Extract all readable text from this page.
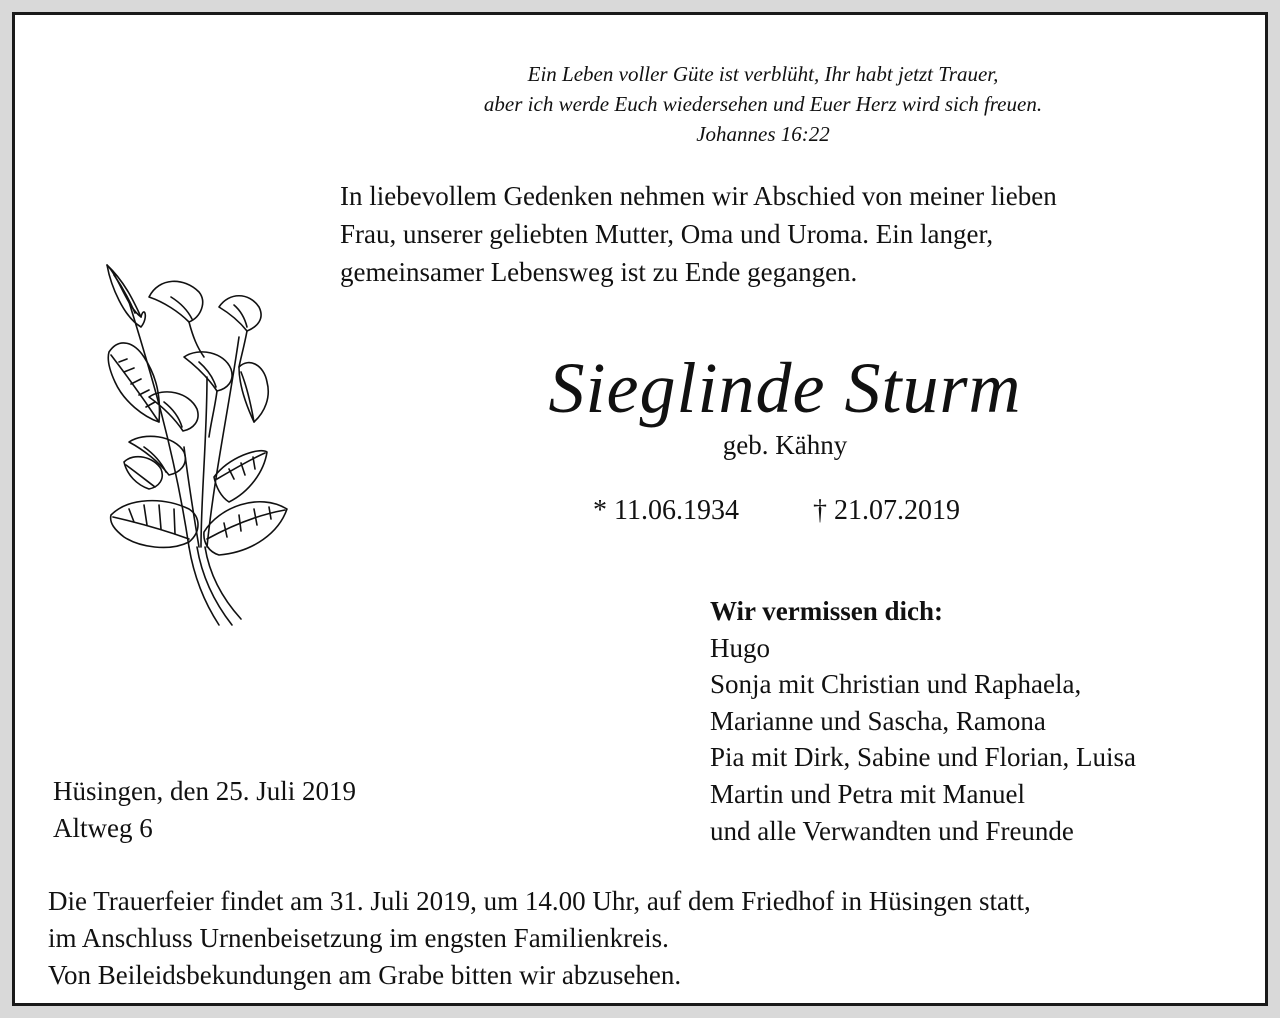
Ein Leben voller Güte ist verblüht, Ihr habt jetzt Trauer,
aber ich werde Euch wiedersehen und Euer Herz wird sich freuen.
Johannes 16:22
In liebevollem Gedenken nehmen wir Abschied von meiner lieben
Frau, unserer geliebten Mutter, Oma und Uroma. Ein langer,
gemeinsamer Lebensweg ist zu Ende gegangen.
Sieglinde Sturm
geb. Kähny
* 11.06.1934	† 21.07.2019
Wir vermissen dich:
Hugo
Sonja mit Christian und Raphaela,
Marianne und Sascha, Ramona
Pia mit Dirk, Sabine und Florian, Luisa
Martin und Petra mit Manuel
und alle Verwandten und Freunde
Hüsingen, den 25. Juli 2019
Altweg 6
Die Trauerfeier findet am 31. Juli 2019, um 14.00 Uhr, auf dem Friedhof in Hüsingen statt,
im Anschluss Urnenbeisetzung im engsten Familienkreis.
Von Beileidsbekundungen am Grabe bitten wir abzusehen.
